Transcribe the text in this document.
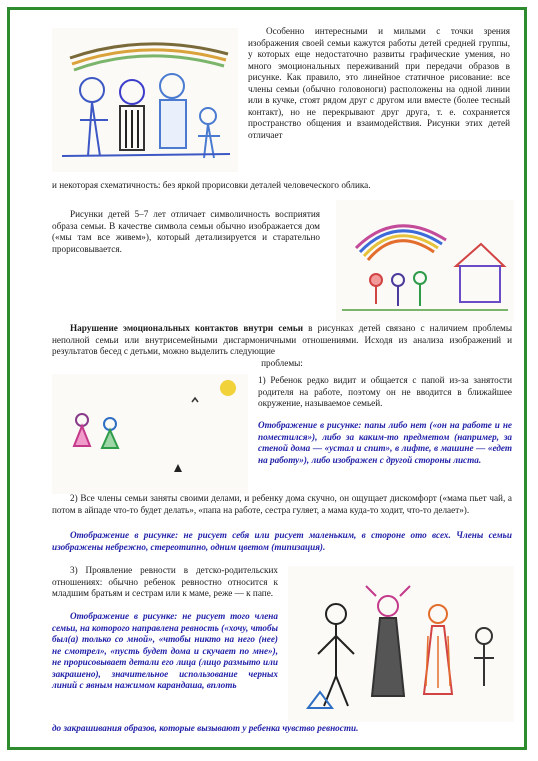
Особенно интересными и милыми с точки зрения изображения своей семьи кажутся работы детей средней группы, у которых еще недостаточно развиты графические умения, но много эмоциональных переживаний при передачи образов в рисунке. Как правило, это линейное статичное рисование: все члены семьи (обычно головоноги) расположены на одной линии или в кучке, стоят рядом друг с другом или вместе (более тесный контакт), но не перекрывают друг друга, т. е. сохраняется пространство общения и взаимодействия. Рисунки этих детей отличает

и некоторая схематичность: без яркой прорисовки деталей человеческого облика.

Рисунки детей 5–7 лет отличает символичность восприятия образа семьи. В качестве символа семьи обычно изображается дом («мы там все живем»), который детализируется и старательно прорисовывается.

Нарушение эмоциональных контактов внутри семьи в рисунках детей связано с наличием проблемы неполной семьи или внутрисемейными дисгармоничными отношениями. Исходя из анализа изображений и результатов бесед с детьми, можно выделить следующие

проблемы:

1) Ребенок редко видит и общается с папой из-за занятости родителя на работе, поэтому он не вводится в ближайшее окружение, называемое семьей.

Отображение в рисунке: папы либо нет («он на работе и не поместился»), либо за каким-то предметом (например, за стеной дома — «устал и спит», в лифте, в машине — «едет на работу»), либо изображен с другой стороны листа.

2) Все члены семьи заняты своими делами, и ребенку дома скучно, он ощущает дискомфорт («мама пьет чай, а потом в айпаде что-то будет делать», «папа на работе, сестра гуляет, а мама куда-то ходит, что-то делает»).

Отображение в рисунке: не рисует себя или рисует маленьким, в стороне ото всех. Члены семьи изображены небрежно, стереотипно, одним цветом (типизация).

3) Проявление ревности в детско-родительских отношениях: обычно ребенок ревностно относится к младшим братьям и сестрам или к маме, реже — к папе.

Отображение в рисунке: не рисует того члена семьи, на которого направлена ревность («хочу, чтобы был(а) только со мной», «чтобы никто на него (нее) не смотрел», «пусть будет дома и скучает по мне»), не прорисовывает детали его лица (лицо размыто или закрашено), значительное использование черных линий с явным нажимом карандаша, вплоть

до закрашивания образов, которые вызывают у ребенка чувство ревности.
